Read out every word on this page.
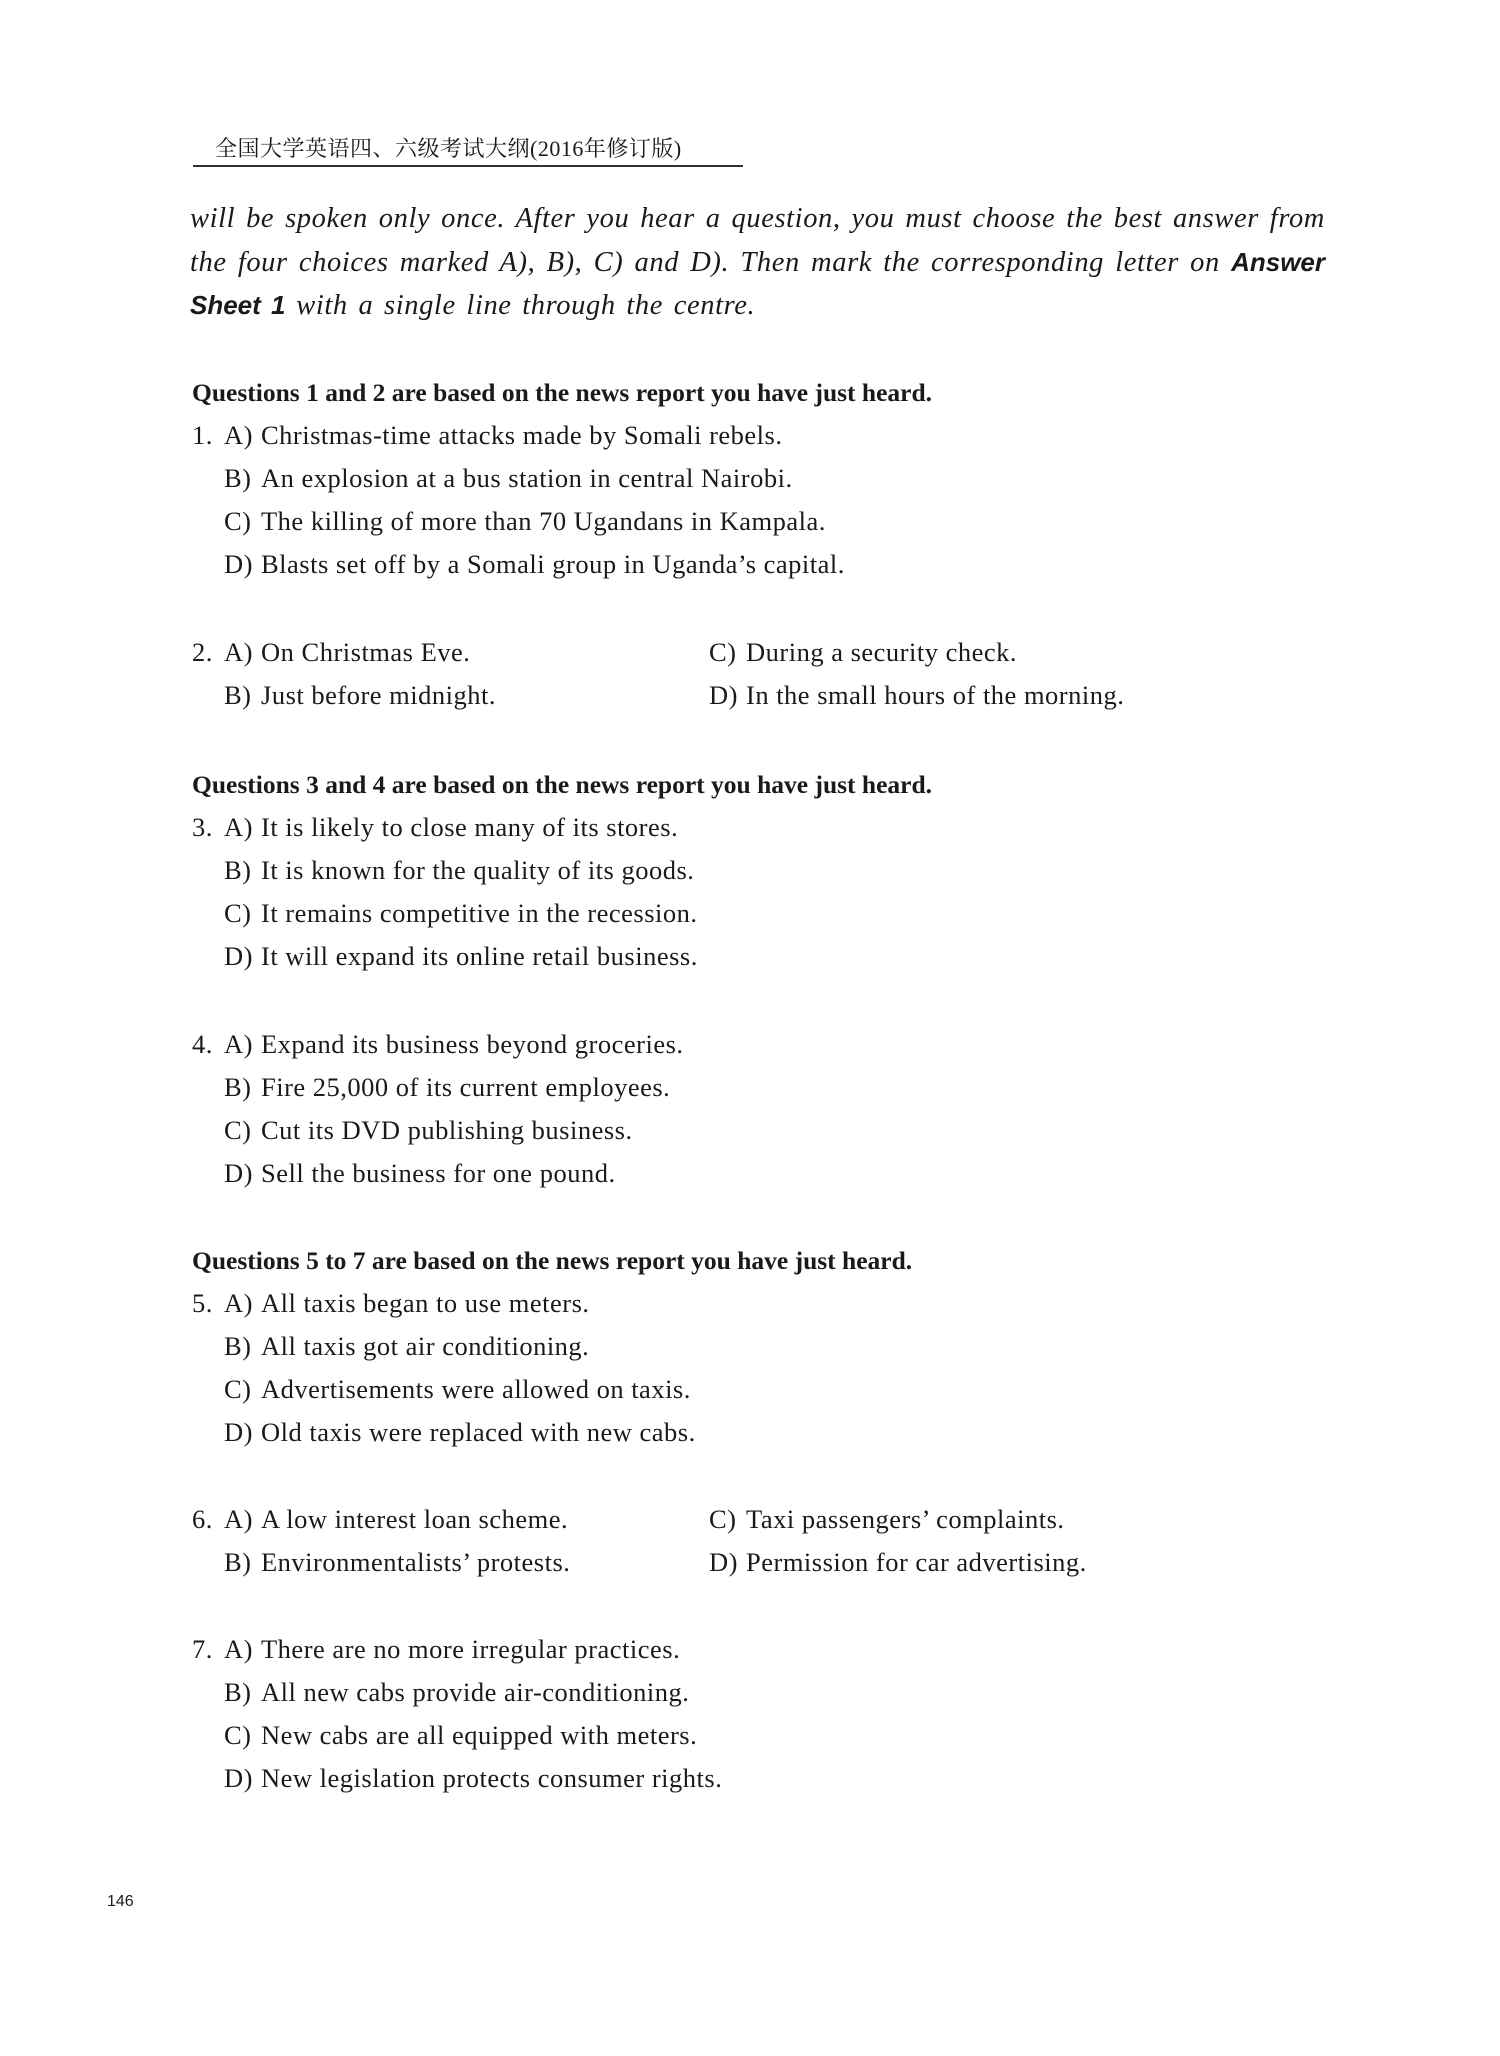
全国大学英语四、六级考试大纲(2016年修订版)
will be spoken only once. After you hear a question, you must choose the best answer from the four choices marked A), B), C) and D). Then mark the corresponding letter on Answer Sheet 1 with a single line through the centre.
Questions 1 and 2 are based on the news report you have just heard.
1. A) Christmas-time attacks made by Somali rebels.
B) An explosion at a bus station in central Nairobi.
C) The killing of more than 70 Ugandans in Kampala.
D) Blasts set off by a Somali group in Uganda’s capital.
2. A) On Christmas Eve.
B) Just before midnight.
C) During a security check.
D) In the small hours of the morning.
Questions 3 and 4 are based on the news report you have just heard.
3. A) It is likely to close many of its stores.
B) It is known for the quality of its goods.
C) It remains competitive in the recession.
D) It will expand its online retail business.
4. A) Expand its business beyond groceries.
B) Fire 25,000 of its current employees.
C) Cut its DVD publishing business.
D) Sell the business for one pound.
Questions 5 to 7 are based on the news report you have just heard.
5. A) All taxis began to use meters.
B) All taxis got air conditioning.
C) Advertisements were allowed on taxis.
D) Old taxis were replaced with new cabs.
6. A) A low interest loan scheme.
B) Environmentalists’ protests.
C) Taxi passengers’ complaints.
D) Permission for car advertising.
7. A) There are no more irregular practices.
B) All new cabs provide air-conditioning.
C) New cabs are all equipped with meters.
D) New legislation protects consumer rights.
146
